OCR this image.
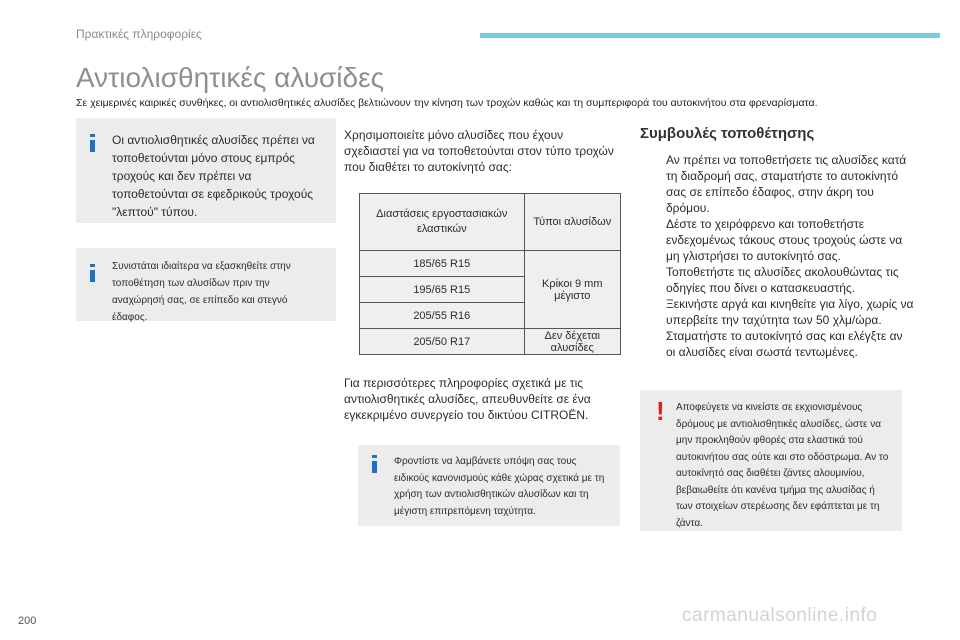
Πρακτικές πληροφορίες
Αντιολισθητικές αλυσίδες

Σε χειμερινές καιρικές συνθήκες, οι αντιολισθητικές αλυσίδες βελτιώνουν την κίνηση των τροχών καθώς και τη συμπεριφορά του αυτοκινήτου στα φρεναρίσματα.

Οι αντιολισθητικές αλυσίδες πρέπει να τοποθετούνται μόνο στους εμπρός τροχούς και δεν πρέπει να τοποθετούνται σε εφεδρικούς τροχούς "λεπτού" τύπου.

Συνιστάται ιδιαίτερα να εξασκηθείτε στην τοποθέτηση των αλυσίδων πριν την αναχώρησή σας, σε επίπεδο και στεγνό έδαφος.

Χρησιμοποιείτε μόνο αλυσίδες που έχουν σχεδιαστεί για να τοποθετούνται στον τύπο τροχών που διαθέτει το αυτοκίνητό σας:

Διαστάσεις εργοστασιακών ελαστικών	Τύποι αλυσίδων
185/65 R15	Κρίκοι 9 mm μέγιστο
195/65 R15	
205/55 R16	
205/50 R17	Δεν δέχεται αλυσίδες

Για περισσότερες πληροφορίες σχετικά με τις αντιολισθητικές αλυσίδες, απευθυνθείτε σε ένα εγκεκριμένο συνεργείο του δικτύου CITROËN.

Φροντίστε να λαμβάνετε υπόψη σας τους ειδικούς κανονισμούς κάθε χώρας σχετικά με τη χρήση των αντιολισθητικών αλυσίδων και τη μέγιστη επιτρεπόμενη ταχύτητα.

Συμβουλές τοποθέτησης
Αν πρέπει να τοποθετήσετε τις αλυσίδες κατά τη διαδρομή σας, σταματήστε το αυτοκίνητό σας σε επίπεδο έδαφος, στην άκρη του δρόμου.
Δέστε το χειρόφρενο και τοποθετήστε ενδεχομένως τάκους στους τροχούς ώστε να μη γλιστρήσει το αυτοκίνητό σας.
Τοποθετήστε τις αλυσίδες ακολουθώντας τις οδηγίες που δίνει ο κατασκευαστής.
Ξεκινήστε αργά και κινηθείτε για λίγο, χωρίς να υπερβείτε την ταχύτητα των 50 χλμ/ώρα.
Σταματήστε το αυτοκίνητό σας και ελέγξτε αν οι αλυσίδες είναι σωστά τεντωμένες.
! Αποφεύγετε να κινείστε σε εκχιονισμένους δρόμους με αντιολισθητικές αλυσίδες, ώστε να μην προκληθούν φθορές στα ελαστικά τού αυτοκινήτου σας ούτε και στο οδόστρωμα. Αν το αυτοκίνητό σας διαθέτει ζάντες αλουμινίου, βεβαιωθείτε ότι κανένα τμήμα της αλυσίδας ή των στοιχείων στερέωσης δεν εφάπτεται με τη ζάντα.

200	carmanualsonline.info
